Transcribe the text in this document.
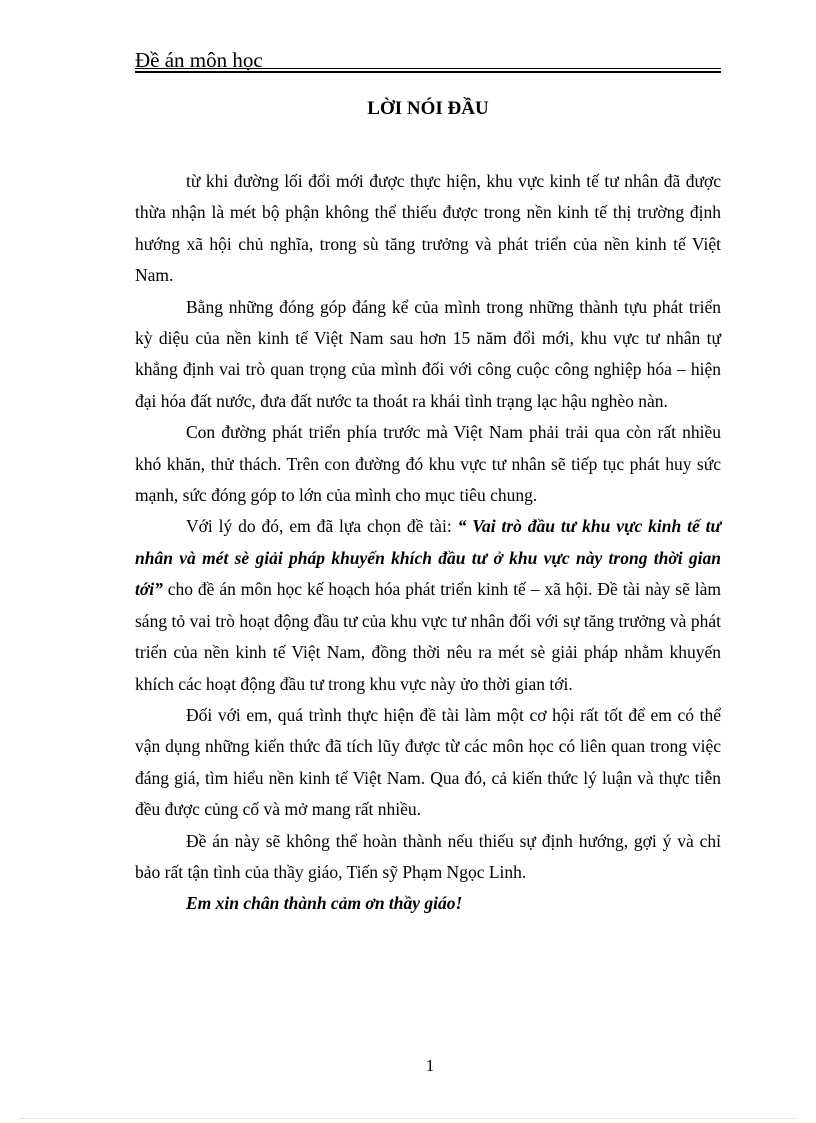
Đề án môn học
LỜI NÓI ĐẦU

từ khi đường lối đổi mới được thực hiện, khu vực kinh tế tư nhân đã được thừa nhận là mét bộ phận không thể thiếu được trong nền kinh tế thị trường định hướng xã hội chủ nghĩa, trong sù tăng trưởng và phát triển của nền kinh tế Việt Nam.

Bằng những đóng góp đáng kể của mình trong những thành tựu phát triển kỳ diệu của nền kinh tế Việt Nam sau hơn 15 năm đổi mới, khu vực tư nhân tự khẳng định vai trò quan trọng của mình đối với công cuộc công nghiệp hóa – hiện đại hóa đất nước, đưa đất nước ta thoát ra khái tình trạng lạc hậu nghèo nàn.

Con đường phát triển phía trước mà Việt Nam phải trải qua còn rất nhiều khó khăn, thử thách. Trên con đường đó khu vực tư nhân sẽ tiếp tục phát huy sức mạnh, sức đóng góp to lớn của mình cho mục tiêu chung.

Với lý do đó, em đã lựa chọn đề tài: “ Vai trò đầu tư khu vực kinh tế tư nhân và mét sè giải pháp khuyến khích đầu tư ở khu vực này trong thời gian tới” cho đề án môn học kế hoạch hóa phát triển kinh tế – xã hội. Đề tài này sẽ làm sáng tỏ vai trò hoạt động đầu tư của khu vực tư nhân đối với sự tăng trưởng và phát triển của nền kinh tế Việt Nam, đồng thời nêu ra mét sè giải pháp nhằm khuyến khích các hoạt động đầu tư trong khu vực này ửo thời gian tới.

Đối với em, quá trình thực hiện đề tài làm một cơ hội rất tốt để em có thể vận dụng những kiến thức đã tích lũy được từ các môn học có liên quan trong việc đáng giá, tìm hiểu nền kinh tế Việt Nam. Qua đó, cả kiến thức lý luận và thực tiễn đều được củng cố và mở mang rất nhiều.

Đề án này sẽ không thể hoàn thành nếu thiếu sự định hướng, gợi ý và chỉ bảo rất tận tình của thầy giáo, Tiến sỹ Phạm Ngọc Linh.

Em xin chân thành cảm ơn thầy giáo!

1
